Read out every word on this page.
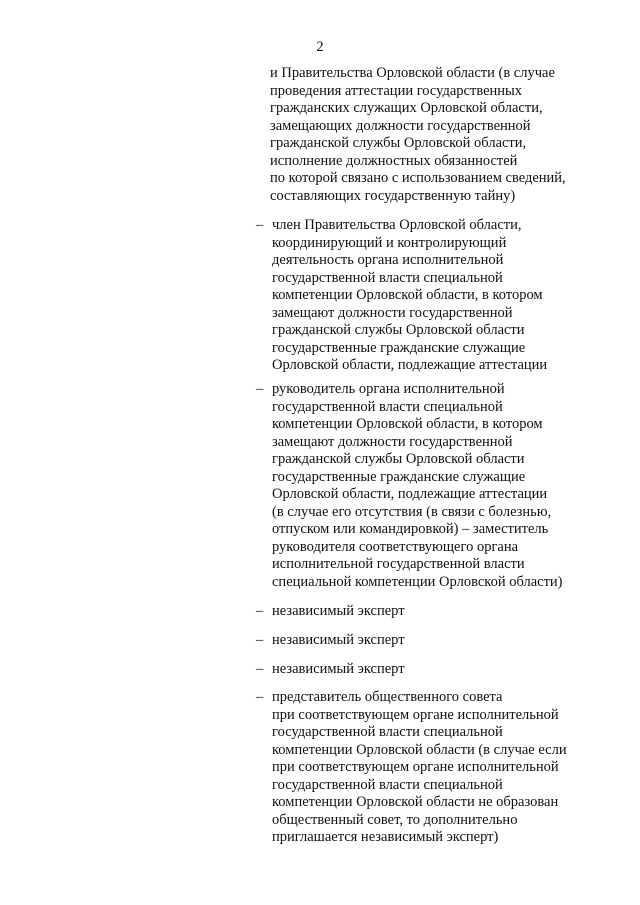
2
и Правительства Орловской области (в случае
проведения аттестации государственных
гражданских служащих Орловской области,
замещающих должности государственной
гражданской службы Орловской области,
исполнение должностных обязанностей
по которой связано с использованием сведений,
составляющих государственную тайну)
– член Правительства Орловской области,
координирующий и контролирующий
деятельность органа исполнительной
государственной власти специальной
компетенции Орловской области, в котором
замещают должности государственной
гражданской службы Орловской области
государственные гражданские служащие
Орловской области, подлежащие аттестации
– руководитель органа исполнительной
государственной власти специальной
компетенции Орловской области, в котором
замещают должности государственной
гражданской службы Орловской области
государственные гражданские служащие
Орловской области, подлежащие аттестации
(в случае его отсутствия (в связи с болезнью,
отпуском или командировкой) – заместитель
руководителя соответствующего органа
исполнительной государственной власти
специальной компетенции Орловской области)
– независимый эксперт
– независимый эксперт
– независимый эксперт
– представитель общественного совета
при соответствующем органе исполнительной
государственной власти специальной
компетенции Орловской области (в случае если
при соответствующем органе исполнительной
государственной власти специальной
компетенции Орловской области не образован
общественный совет, то дополнительно
приглашается независимый эксперт)
